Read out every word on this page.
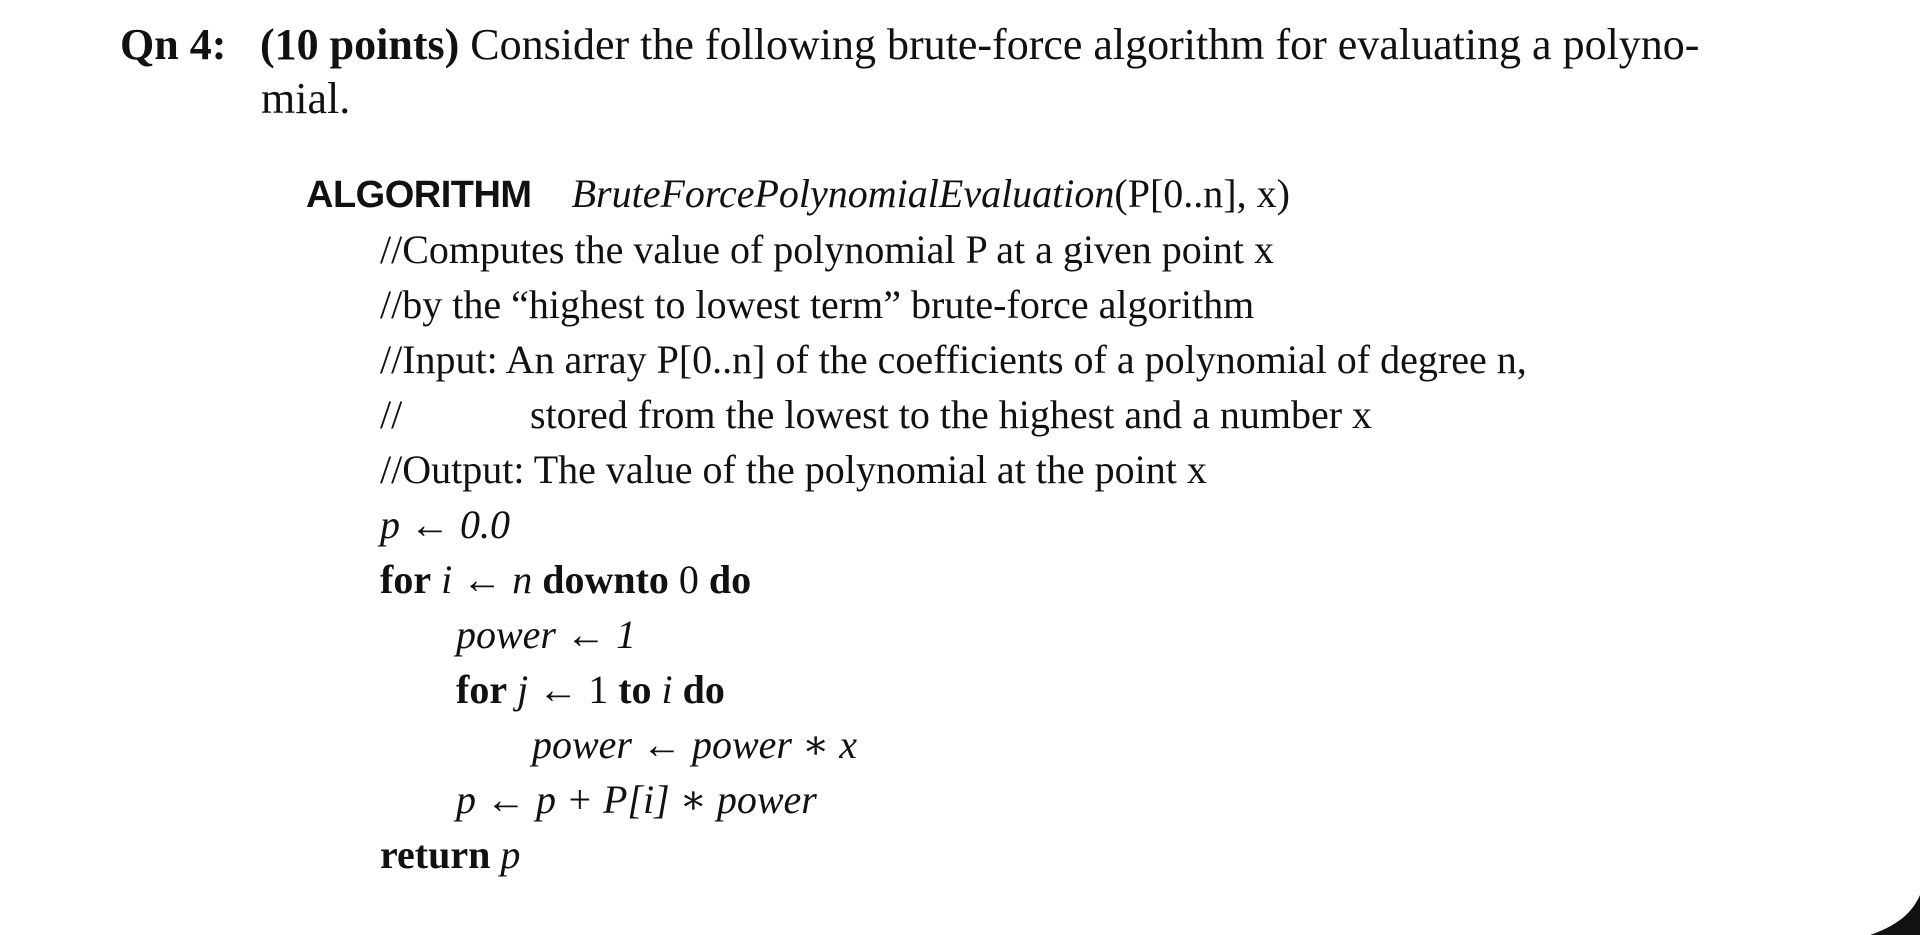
Qn 4: (10 points) Consider the following brute-force algorithm for evaluating a polyno-
mial.
ALGORITHM BruteForcePolynomialEvaluation(P[0..n], x)
//Computes the value of polynomial P at a given point x
//by the “highest to lowest term” brute-force algorithm
//Input: An array P[0..n] of the coefficients of a polynomial of degree n,
//	stored from the lowest to the highest and a number x
//Output: The value of the polynomial at the point x
p ← 0.0
for i ← n downto 0 do
power ← 1
for j ← 1 to i do
power ← power ∗ x
p ← p + P[i] ∗ power
return p
